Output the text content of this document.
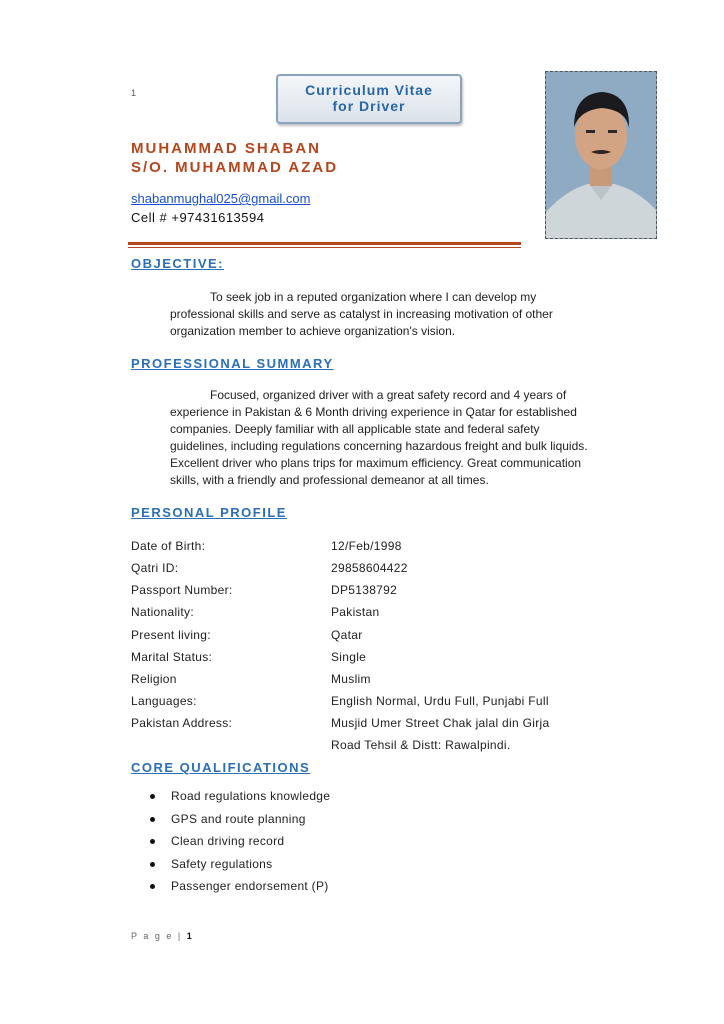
1	Curriculum Vitae
for Driver
MUHAMMAD SHABAN
S/O. MUHAMMAD AZAD
shabanmughal025@gmail.com
Cell # +97431613594
OBJECTIVE:
To seek job in a reputed organization where I can develop my professional skills and serve as catalyst in increasing motivation of other organization member to achieve organization's vision.
PROFESSIONAL SUMMARY
Focused, organized driver with a great safety record and 4 years of experience in Pakistan & 6 Month driving experience in Qatar for established companies. Deeply familiar with all applicable state and federal safety guidelines, including regulations concerning hazardous freight and bulk liquids. Excellent driver who plans trips for maximum efficiency. Great communication skills, with a friendly and professional demeanor at all times.
PERSONAL PROFILE
Date of Birth:	12/Feb/1998
Qatri ID:	29858604422
Passport Number:	DP5138792
Nationality:	Pakistan
Present living:	Qatar
Marital Status:	Single
Religion	Muslim
Languages:	English Normal, Urdu Full, Punjabi Full
Pakistan Address:	Musjid Umer Street Chak jalal din Girja Road Tehsil & Distt: Rawalpindi.
CORE QUALIFICATIONS
Road regulations knowledge
GPS and route planning
Clean driving record
Safety regulations
Passenger endorsement (P)
P a g e | 1
